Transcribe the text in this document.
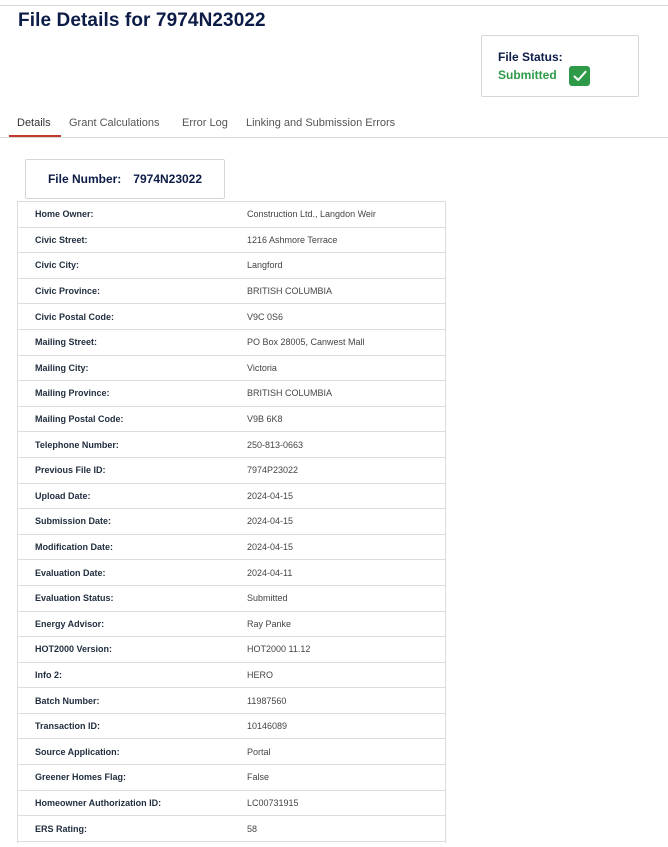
File Details for 7974N23022
File Status:
Submitted
Details Grant Calculations Error Log Linking and Submission Errors
File Number: 7974N23022
Home Owner:	Construction Ltd., Langdon Weir
Civic Street:	1216 Ashmore Terrace
Civic City:	Langford
Civic Province:	BRITISH COLUMBIA
Civic Postal Code:	V9C 0S6
Mailing Street:	PO Box 28005, Canwest Mall
Mailing City:	Victoria
Mailing Province:	BRITISH COLUMBIA
Mailing Postal Code:	V9B 6K8
Telephone Number:	250-813-0663
Previous File ID:	7974P23022
Upload Date:	2024-04-15
Submission Date:	2024-04-15
Modification Date:	2024-04-15
Evaluation Date:	2024-04-11
Evaluation Status:	Submitted
Energy Advisor:	Ray Panke
HOT2000 Version:	HOT2000 11.12
Info 2:	HERO
Batch Number:	11987560
Transaction ID:	10146089
Source Application:	Portal
Greener Homes Flag:	False
Homeowner Authorization ID:	LC00731915
ERS Rating:	58
